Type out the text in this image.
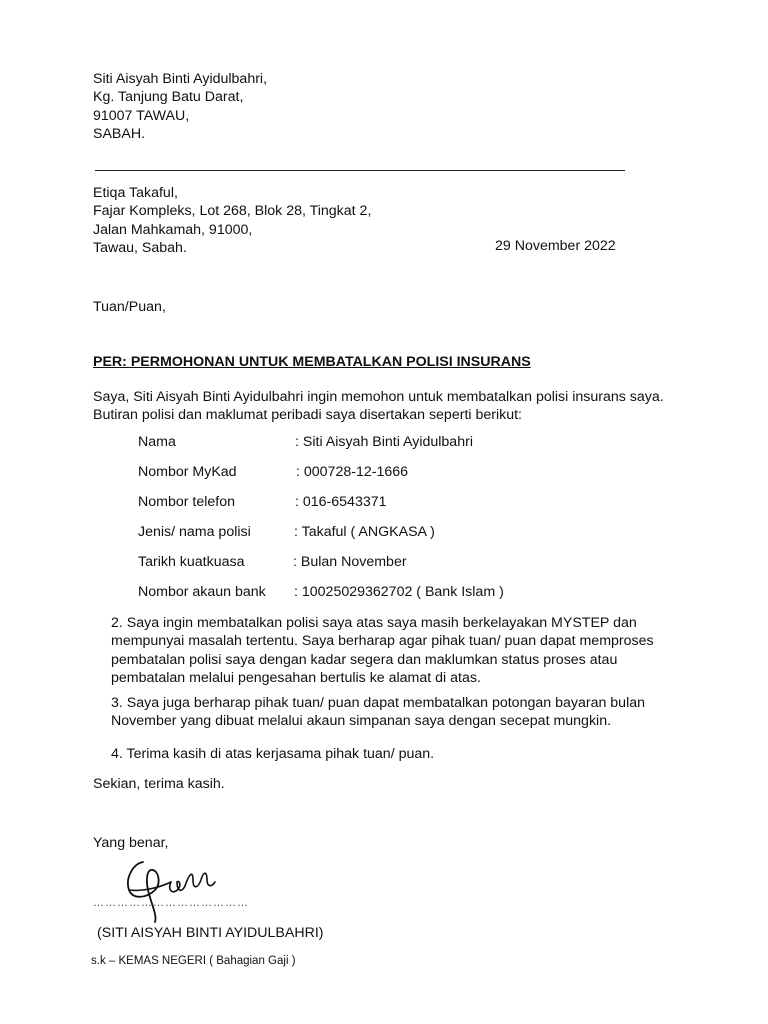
Siti Aisyah Binti Ayidulbahri,
Kg. Tanjung Batu Darat,
91007 TAWAU,
SABAH.
Etiqa Takaful,
Fajar Kompleks, Lot 268, Blok 28, Tingkat 2,
Jalan Mahkamah, 91000,
Tawau, Sabah.	29 November 2022
Tuan/Puan,
PER: PERMOHONAN UNTUK MEMBATALKAN POLISI INSURANS
Saya, Siti Aisyah Binti Ayidulbahri ingin memohon untuk membatalkan polisi insurans saya.
Butiran polisi dan maklumat peribadi saya disertakan seperti berikut:
Nama	: Siti Aisyah Binti Ayidulbahri
Nombor MyKad	: 000728-12-1666
Nombor telefon	: 016-6543371
Jenis/ nama polisi	: Takaful ( ANGKASA )
Tarikh kuatkuasa	: Bulan November
Nombor akaun bank : 10025029362702 ( Bank Islam )
2. Saya ingin membatalkan polisi saya atas saya masih berkelayakan MYSTEP dan mempunyai masalah tertentu. Saya berharap agar pihak tuan/ puan dapat memproses pembatalan polisi saya dengan kadar segera dan maklumkan status proses atau pembatalan melalui pengesahan bertulis ke alamat di atas.
3. Saya juga berharap pihak tuan/ puan dapat membatalkan potongan bayaran bulan November yang dibuat melalui akaun simpanan saya dengan secepat mungkin.
4. Terima kasih di atas kerjasama pihak tuan/ puan.
Sekian, terima kasih.
Yang benar,
…………………………………
(SITI AISYAH BINTI AYIDULBAHRI)
s.k – KEMAS NEGERI ( Bahagian Gaji )
